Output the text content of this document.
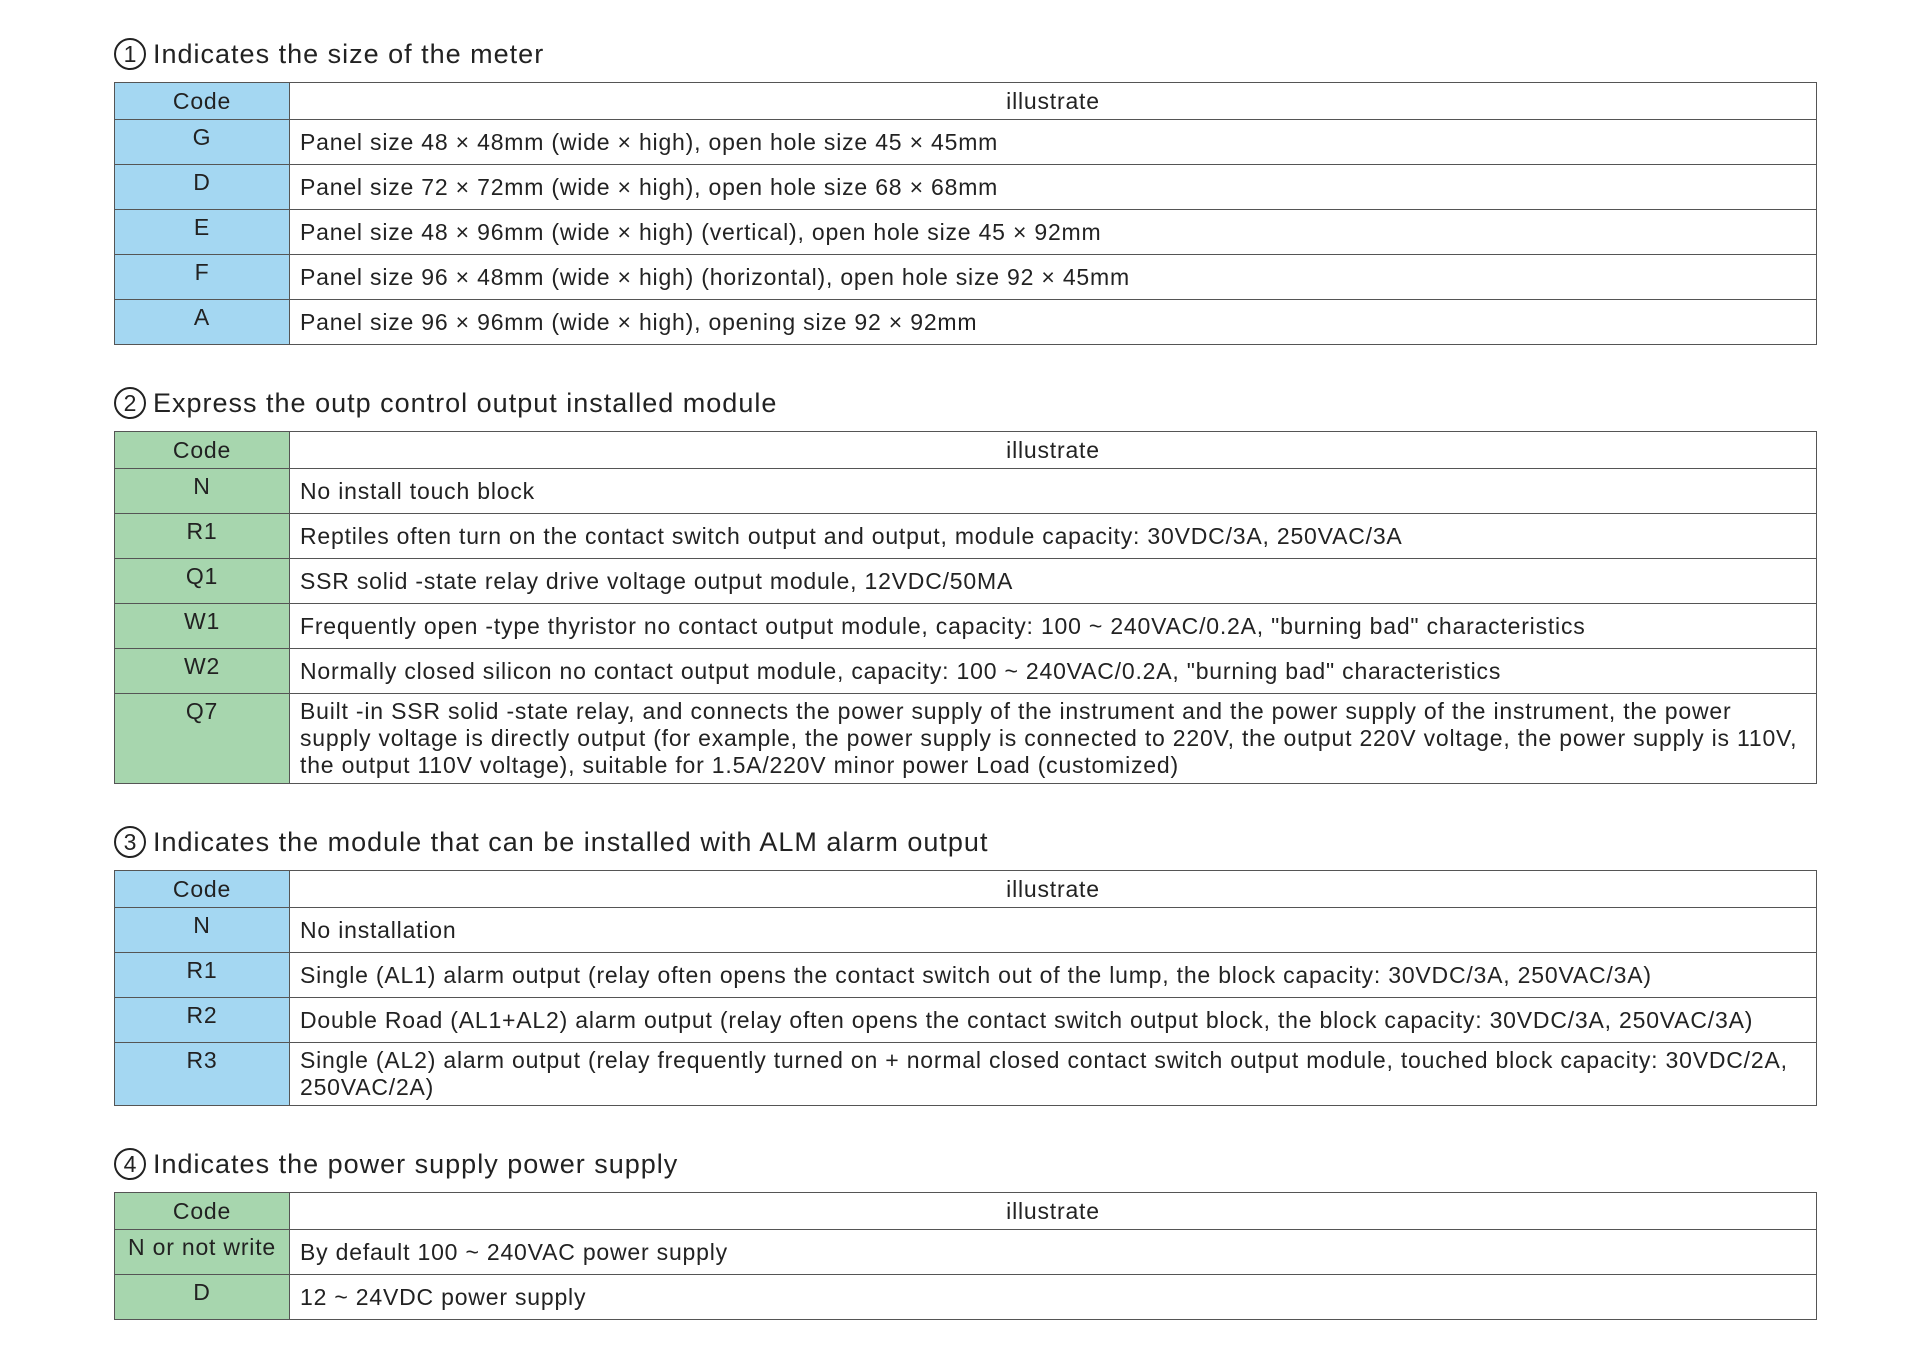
1 Indicates the size of the meter
Code	illustrate
G	Panel size 48 × 48mm (wide × high), open hole size 45 × 45mm
D	Panel size 72 × 72mm (wide × high), open hole size 68 × 68mm
E	Panel size 48 × 96mm (wide × high) (vertical), open hole size 45 × 92mm
F	Panel size 96 × 48mm (wide × high) (horizontal), open hole size 92 × 45mm
A	Panel size 96 × 96mm (wide × high), opening size 92 × 92mm
2 Express the outp control output installed module
Code	illustrate
N	No install touch block
R1	Reptiles often turn on the contact switch output and output, module capacity: 30VDC/3A, 250VAC/3A
Q1	SSR solid -state relay drive voltage output module, 12VDC/50MA
W1	Frequently open -type thyristor no contact output module, capacity: 100 ~ 240VAC/0.2A, "burning bad" characteristics
W2	Normally closed silicon no contact output module, capacity: 100 ~ 240VAC/0.2A, "burning bad" characteristics
Q7	Built -in SSR solid -state relay, and connects the power supply of the instrument and the power supply of the instrument, the power supply voltage is directly output (for example, the power supply is connected to 220V, the output 220V voltage, the power supply is 110V, the output 110V voltage), suitable for 1.5A/220V minor power Load (customized)
3 Indicates the module that can be installed with ALM alarm output
Code	illustrate
N	No installation
R1	Single (AL1) alarm output (relay often opens the contact switch out of the lump, the block capacity: 30VDC/3A, 250VAC/3A)
R2	Double Road (AL1+AL2) alarm output (relay often opens the contact switch output block, the block capacity: 30VDC/3A, 250VAC/3A)
R3	Single (AL2) alarm output (relay frequently turned on + normal closed contact switch output module, touched block capacity: 30VDC/2A, 250VAC/2A)
4 Indicates the power supply power supply
Code	illustrate
N or not write	By default 100 ~ 240VAC power supply
D	12 ~ 24VDC power supply
